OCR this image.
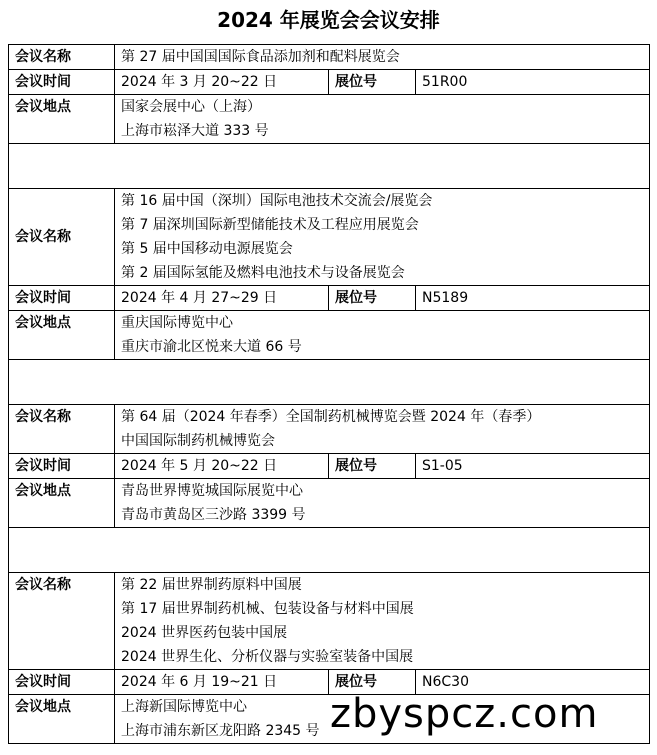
2024 年展览会会议安排
会议名称	第 27 届中国国国际食品添加剂和配料展览会		

会议时间	2024 年 3 月 20~22 日	展位号	51R00
会议地点	国家会展中心（上海）
上海市崧泽大道 333 号		

会议名称	第 16 届中国（深圳）国际电池技术交流会/展览会
第 7 届深圳国际新型储能技术及工程应用展览会
第 5 届中国移动电源展览会
第 2 届国际氢能及燃料电池技术与设备展览会		

会议时间	2024 年 4 月 27~29 日	展位号	N5189
会议地点	重庆国际博览中心
重庆市渝北区悦来大道 66 号		

会议名称	第 64 届（2024 年春季）全国制药机械博览会暨 2024 年（春季）
中国国际制药机械博览会		

会议时间	2024 年 5 月 20~22 日	展位号	S1-05
会议地点	青岛世界博览城国际展览中心
青岛市黄岛区三沙路 3399 号		

会议名称	第 22 届世界制药原料中国展
第 17 届世界制药机械、包装设备与材料中国展
2024 世界医药包装中国展
2024 世界生化、分析仪器与实验室装备中国展		

会议时间	2024 年 6 月 19~21 日	展位号	N6C30
会议地点	上海新国际博览中心
上海市浦东新区龙阳路 2345 号		zbyspcz.com
